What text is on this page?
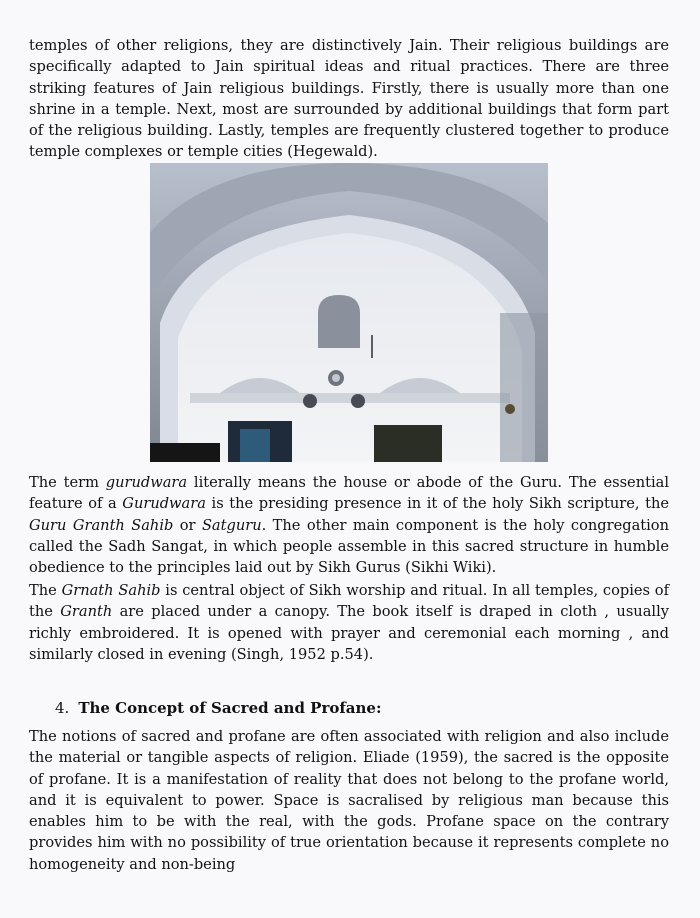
temples of other religions, they are distinctively Jain. Their religious buildings are specifically adapted to Jain spiritual ideas and ritual practices. There are three striking features of Jain religious buildings. Firstly, there is usually more than one shrine in a temple. Next, most are surrounded by additional buildings that form part of the religious building. Lastly, temples are frequently clustered together to produce temple complexes or temple cities (Hegewald).

The term gurudwara literally means the house or abode of the Guru. The essential feature of a Gurudwara is the presiding presence in it of the holy Sikh scripture, the Guru Granth Sahib or Satguru. The other main component is the holy congregation called the Sadh Sangat, in which people assemble in this sacred structure in humble obedience to the principles laid out by Sikh Gurus (Sikhi Wiki).

The Grnath Sahib is central object of Sikh worship and ritual. In all temples, copies of the Granth are placed under a canopy. The book itself is draped in cloth , usually richly embroidered. It is opened with prayer and ceremonial each morning , and similarly closed in evening (Singh, 1952 p.54).

4. The Concept of Sacred and Profane:

The notions of sacred and profane are often associated with religion and also include the material or tangible aspects of religion. Eliade (1959), the sacred is the opposite of profane. It is a manifestation of reality that does not belong to the profane world, and it is equivalent to power. Space is sacralised by religious man because this enables him to be with the real, with the gods. Profane space on the contrary provides him with no possibility of true orientation because it represents complete no homogeneity and non-being
